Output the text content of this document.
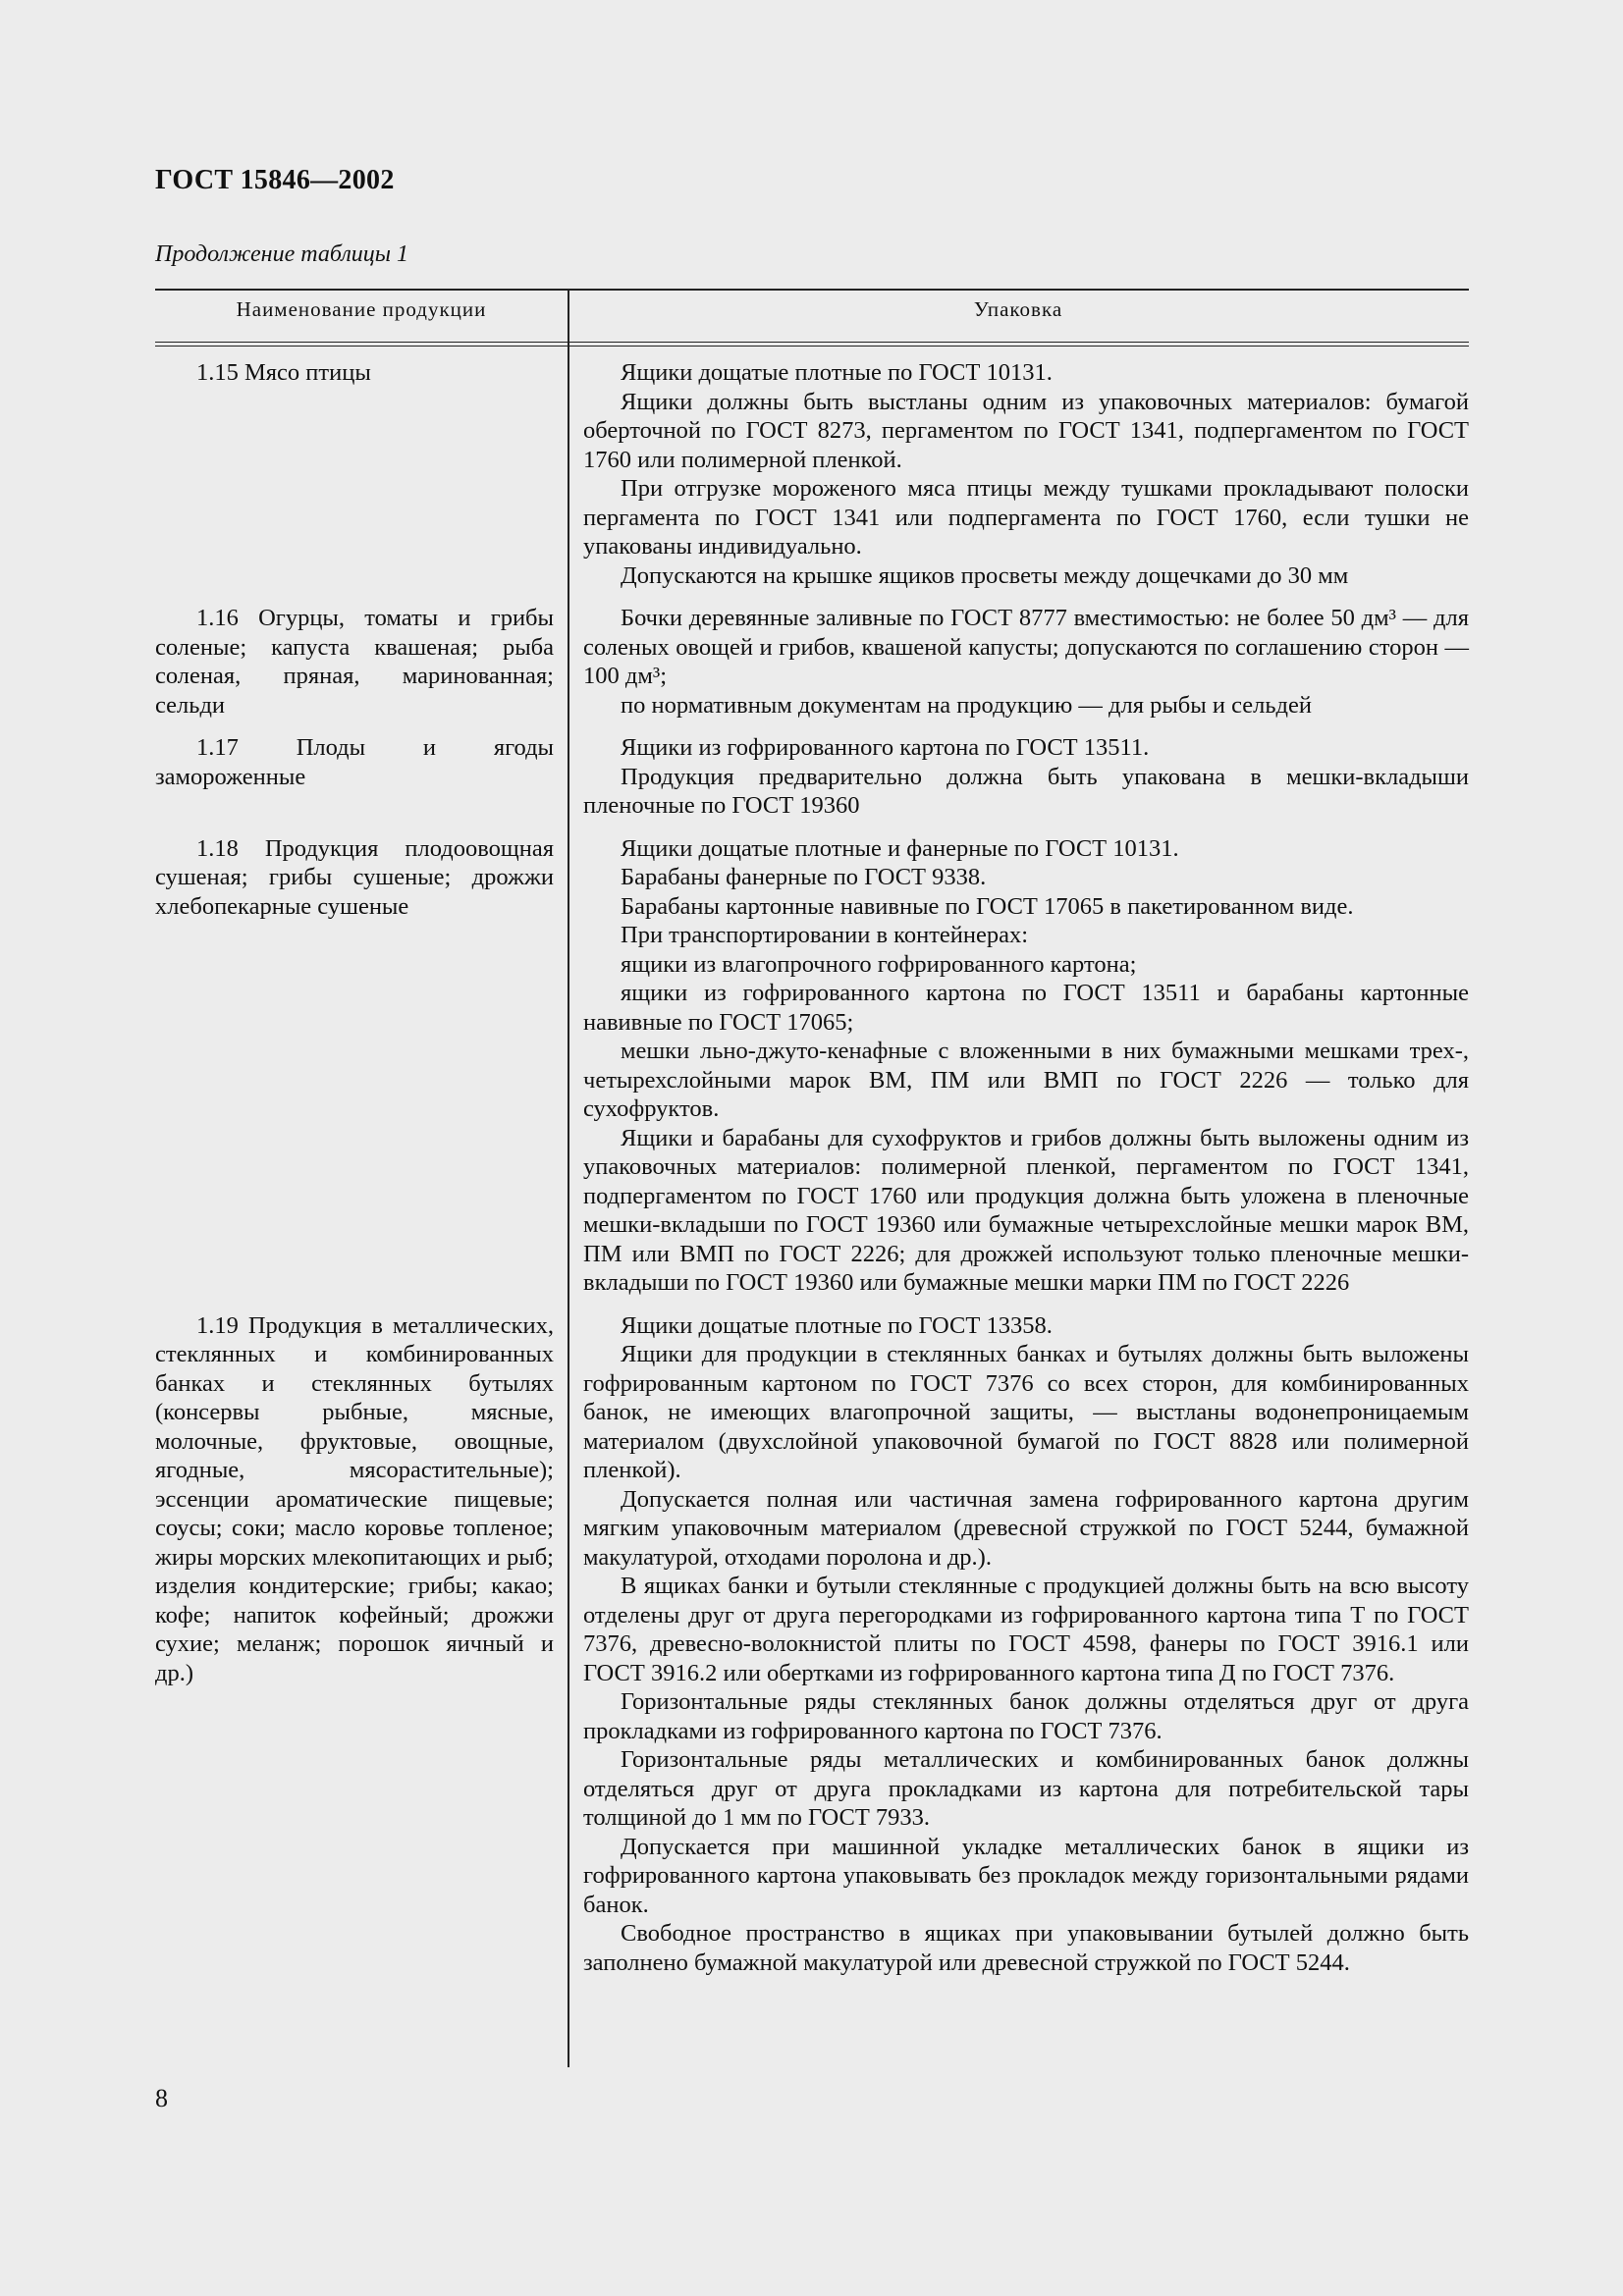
ГОСТ 15846—2002
Продолжение таблицы 1
Наименование продукции	Упаковка

1.15 Мясо птицы	Ящики дощатые плотные по ГОСТ 10131.

Ящики должны быть выстланы одним из упаковочных материалов: бумагой оберточной по ГОСТ 8273, пергаментом по ГОСТ 1341, подпергаментом по ГОСТ 1760 или полимерной пленкой.

При отгрузке мороженого мяса птицы между тушками прокладывают полоски пергамента по ГОСТ 1341 или подпергамента по ГОСТ 1760, если тушки не упакованы индивидуально.

Допускаются на крышке ящиков просветы между дощечками до 30 мм

1.16 Огурцы, томаты и грибы соленые; капуста квашеная; рыба соленая, пряная, маринованная; сельди

Бочки деревянные заливные по ГОСТ 8777 вместимостью: не более 50 дм³ — для соленых овощей и грибов, квашеной капусты; допускаются по соглашению сторон — 100 дм³;

по нормативным документам на продукцию — для рыбы и сельдей

1.17 Плоды и ягоды замороженные

Ящики из гофрированного картона по ГОСТ 13511.

Продукция предварительно должна быть упакована в мешки-вкладыши пленочные по ГОСТ 19360

1.18 Продукция плодоовощная сушеная; грибы сушеные; дрожжи хлебопекарные сушеные

Ящики дощатые плотные и фанерные по ГОСТ 10131.

Барабаны фанерные по ГОСТ 9338.

Барабаны картонные навивные по ГОСТ 17065 в пакетированном виде.

При транспортировании в контейнерах:

ящики из влагопрочного гофрированного картона;

ящики из гофрированного картона по ГОСТ 13511 и барабаны картонные навивные по ГОСТ 17065;

мешки льно-джуто-кенафные с вложенными в них бумажными мешками трех-, четырехслойными марок ВМ, ПМ или ВМП по ГОСТ 2226 — только для сухофруктов.

Ящики и барабаны для сухофруктов и грибов должны быть выложены одним из упаковочных материалов: полимерной пленкой, пергаментом по ГОСТ 1341, подпергаментом по ГОСТ 1760 или продукция должна быть уложена в пленочные мешки-вкладыши по ГОСТ 19360 или бумажные четырехслойные мешки марок ВМ, ПМ или ВМП по ГОСТ 2226; для дрожжей используют только пленочные мешки-вкладыши по ГОСТ 19360 или бумажные мешки марки ПМ по ГОСТ 2226

1.19 Продукция в металлических, стеклянных и комбинированных банках и стеклянных бутылях (консервы рыбные, мясные, молочные, фруктовые, овощные, ягодные, мясорастительные); эссенции ароматические пищевые; соусы; соки; масло коровье топленое; жиры морских млекопитающих и рыб; изделия кондитерские; грибы; какао; кофе; напиток кофейный; дрожжи сухие; меланж; порошок яичный и др.)

Ящики дощатые плотные по ГОСТ 13358.

Ящики для продукции в стеклянных банках и бутылях должны быть выложены гофрированным картоном по ГОСТ 7376 со всех сторон, для комбинированных банок, не имеющих влагопрочной защиты, — выстланы водонепроницаемым материалом (двухслойной упаковочной бумагой по ГОСТ 8828 или полимерной пленкой).

Допускается полная или частичная замена гофрированного картона другим мягким упаковочным материалом (древесной стружкой по ГОСТ 5244, бумажной макулатурой, отходами поролона и др.).

В ящиках банки и бутыли стеклянные с продукцией должны быть на всю высоту отделены друг от друга перегородками из гофрированного картона типа Т по ГОСТ 7376, древесно-волокнистой плиты по ГОСТ 4598, фанеры по ГОСТ 3916.1 или ГОСТ 3916.2 или обертками из гофрированного картона типа Д по ГОСТ 7376.

Горизонтальные ряды стеклянных банок должны отделяться друг от друга прокладками из гофрированного картона по ГОСТ 7376.

Горизонтальные ряды металлических и комбинированных банок должны отделяться друг от друга прокладками из картона для потребительской тары толщиной до 1 мм по ГОСТ 7933.

Допускается при машинной укладке металлических банок в ящики из гофрированного картона упаковывать без прокладок между горизонтальными рядами банок.

Свободное пространство в ящиках при упаковывании бутылей должно быть заполнено бумажной макулатурой или древесной стружкой по ГОСТ 5244.

8
